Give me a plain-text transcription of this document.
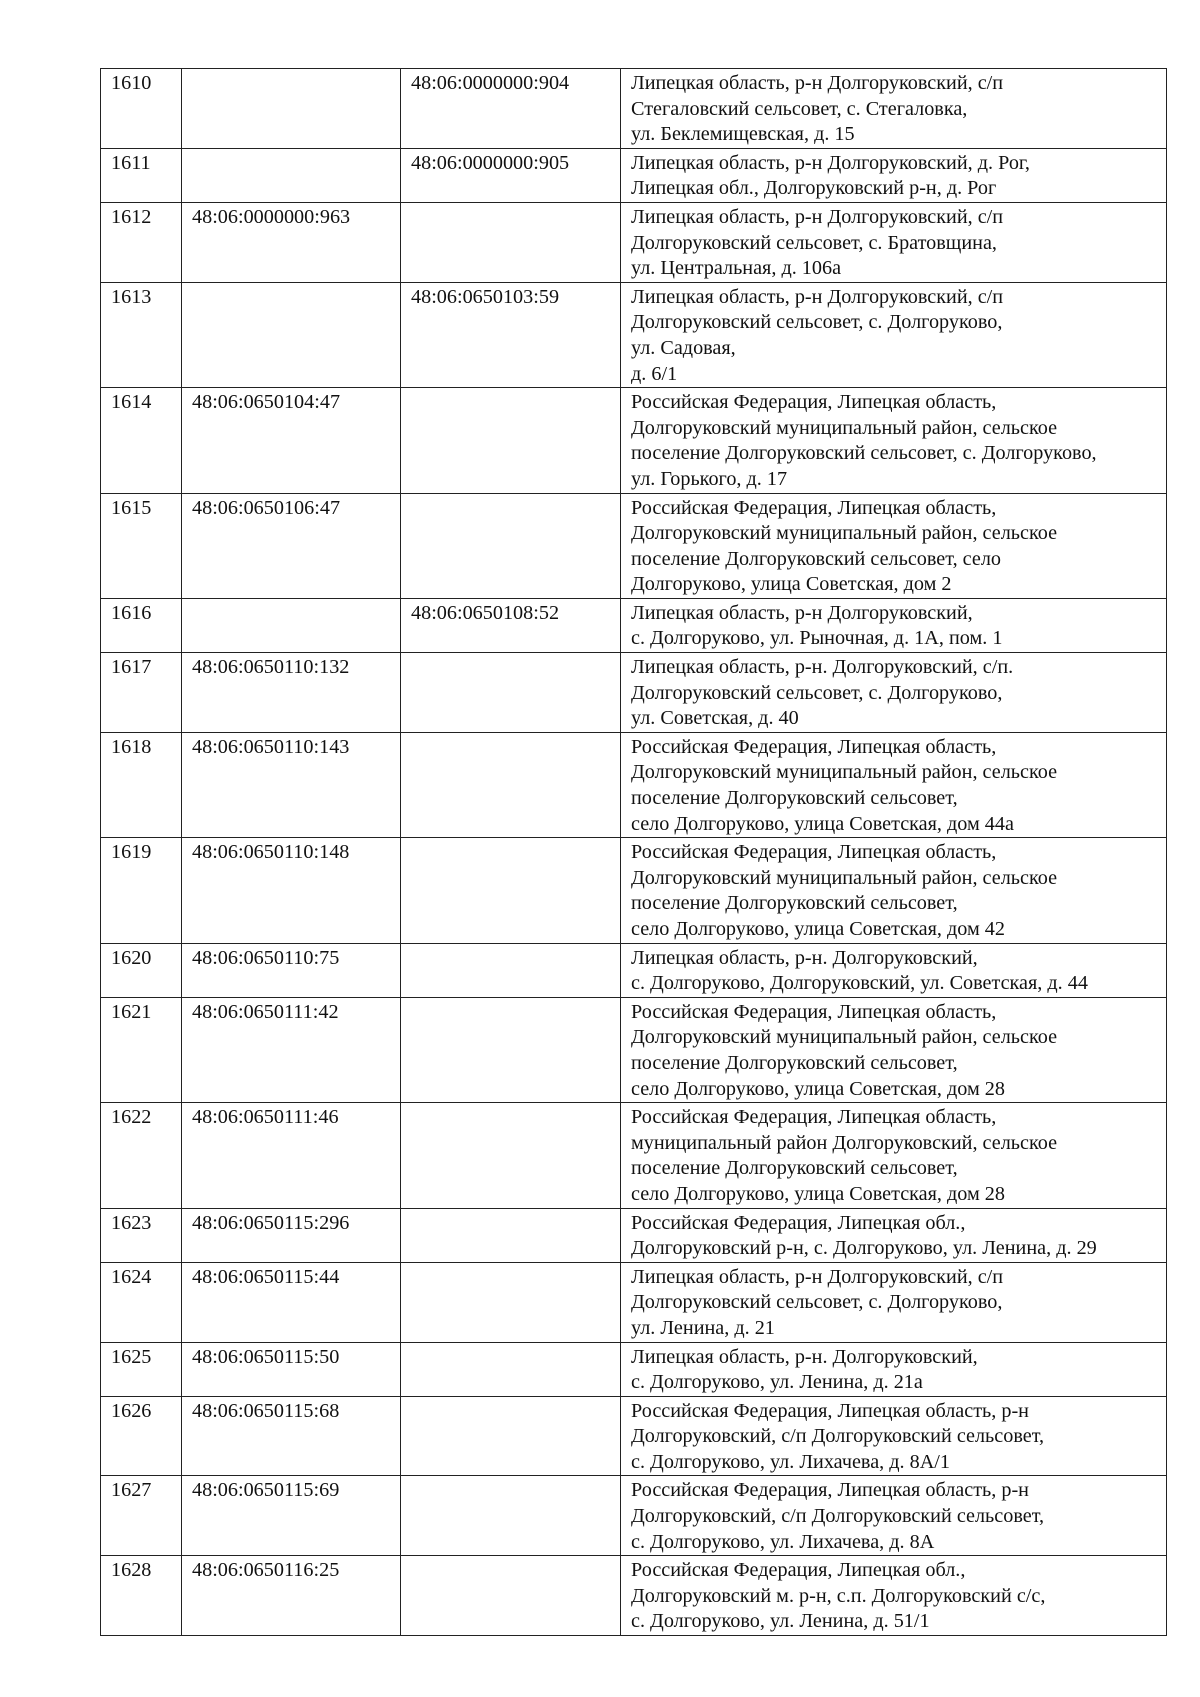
1610		48:06:0000000:904	Липецкая область, р-н Долгоруковский, с/п
Стегаловский сельсовет, с. Стегаловка,
ул. Беклемищевская, д. 15
1611		48:06:0000000:905	Липецкая область, р-н Долгоруковский, д. Рог,
Липецкая обл., Долгоруковский р-н, д. Рог
1612	48:06:0000000:963		Липецкая область, р-н Долгоруковский, с/п
Долгоруковский сельсовет, с. Братовщина,
ул. Центральная, д. 106а
1613		48:06:0650103:59	Липецкая область, р-н Долгоруковский, с/п
Долгоруковский сельсовет, с. Долгоруково,
ул. Садовая,
д. 6/1
1614	48:06:0650104:47		Российская Федерация, Липецкая область,
Долгоруковский муниципальный район, сельское
поселение Долгоруковский сельсовет, с. Долгоруково,
ул. Горького, д. 17
1615	48:06:0650106:47		Российская Федерация, Липецкая область,
Долгоруковский муниципальный район, сельское
поселение Долгоруковский сельсовет, село
Долгоруково, улица Советская, дом 2
1616		48:06:0650108:52	Липецкая область, р-н Долгоруковский,
с. Долгоруково, ул. Рыночная, д. 1А, пом. 1
1617	48:06:0650110:132		Липецкая область, р-н. Долгоруковский, с/п.
Долгоруковский сельсовет, с. Долгоруково,
ул. Советская, д. 40
1618	48:06:0650110:143		Российская Федерация, Липецкая область,
Долгоруковский муниципальный район, сельское
поселение Долгоруковский сельсовет,
село Долгоруково, улица Советская, дом 44а
1619	48:06:0650110:148		Российская Федерация, Липецкая область,
Долгоруковский муниципальный район, сельское
поселение Долгоруковский сельсовет,
село Долгоруково, улица Советская, дом 42
1620	48:06:0650110:75		Липецкая область, р-н. Долгоруковский,
с. Долгоруково, Долгоруковский, ул. Советская, д. 44
1621	48:06:0650111:42		Российская Федерация, Липецкая область,
Долгоруковский муниципальный район, сельское
поселение Долгоруковский сельсовет,
село Долгоруково, улица Советская, дом 28
1622	48:06:0650111:46		Российская Федерация, Липецкая область,
муниципальный район Долгоруковский, сельское
поселение Долгоруковский сельсовет,
село Долгоруково, улица Советская, дом 28
1623	48:06:0650115:296		Российская Федерация, Липецкая обл.,
Долгоруковский р-н, с. Долгоруково, ул. Ленина, д. 29
1624	48:06:0650115:44		Липецкая область, р-н Долгоруковский, с/п
Долгоруковский сельсовет, с. Долгоруково,
ул. Ленина, д. 21
1625	48:06:0650115:50		Липецкая область, р-н. Долгоруковский,
с. Долгоруково, ул. Ленина, д. 21а
1626	48:06:0650115:68		Российская Федерация, Липецкая область, р-н
Долгоруковский, с/п Долгоруковский сельсовет,
с. Долгоруково, ул. Лихачева, д. 8А/1
1627	48:06:0650115:69		Российская Федерация, Липецкая область, р-н
Долгоруковский, с/п Долгоруковский сельсовет,
с. Долгоруково, ул. Лихачева, д. 8А
1628	48:06:0650116:25		Российская Федерация, Липецкая обл.,
Долгоруковский м. р-н, с.п. Долгоруковский с/с,
с. Долгоруково, ул. Ленина, д. 51/1
